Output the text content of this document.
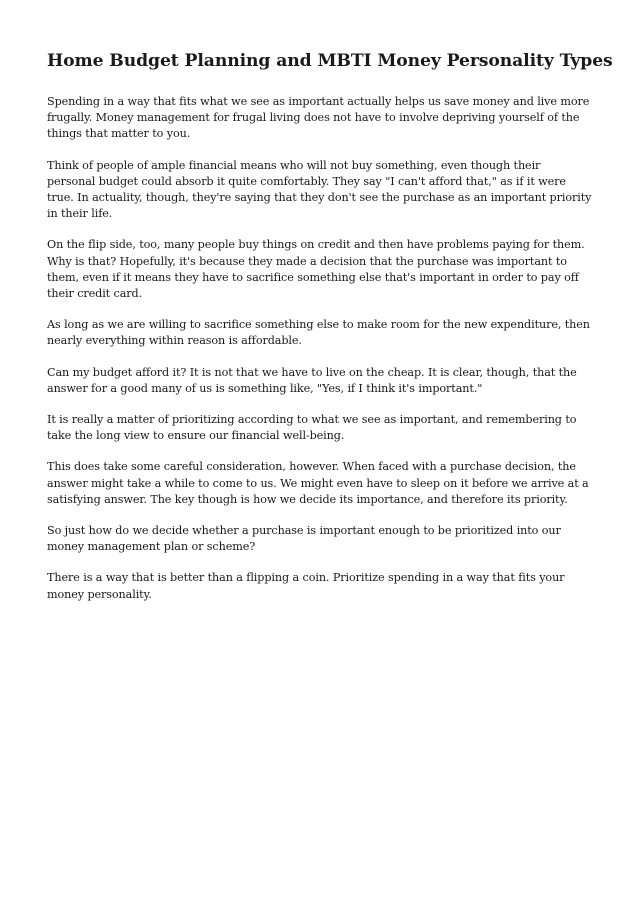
Home Budget Planning and MBTI Money Personality Types

Spending in a way that fits what we see as important actually helps us save money and live more frugally. Money management for frugal living does not have to involve depriving yourself of the things that matter to you.

Think of people of ample financial means who will not buy something, even though their personal budget could absorb it quite comfortably. They say "I can't afford that," as if it were true. In actuality, though, they're saying that they don't see the purchase as an important priority in their life.

On the flip side, too, many people buy things on credit and then have problems paying for them. Why is that? Hopefully, it's because they made a decision that the purchase was important to them, even if it means they have to sacrifice something else that's important in order to pay off their credit card.

As long as we are willing to sacrifice something else to make room for the new expenditure, then nearly everything within reason is affordable.

Can my budget afford it? It is not that we have to live on the cheap. It is clear, though, that the answer for a good many of us is something like, "Yes, if I think it's important."

It is really a matter of prioritizing according to what we see as important, and remembering to take the long view to ensure our financial well-being.

This does take some careful consideration, however. When faced with a purchase decision, the answer might take a while to come to us. We might even have to sleep on it before we arrive at a satisfying answer. The key though is how we decide its importance, and therefore its priority.

So just how do we decide whether a purchase is important enough to be prioritized into our money management plan or scheme?

There is a way that is better than a flipping a coin. Prioritize spending in a way that fits your money personality.
